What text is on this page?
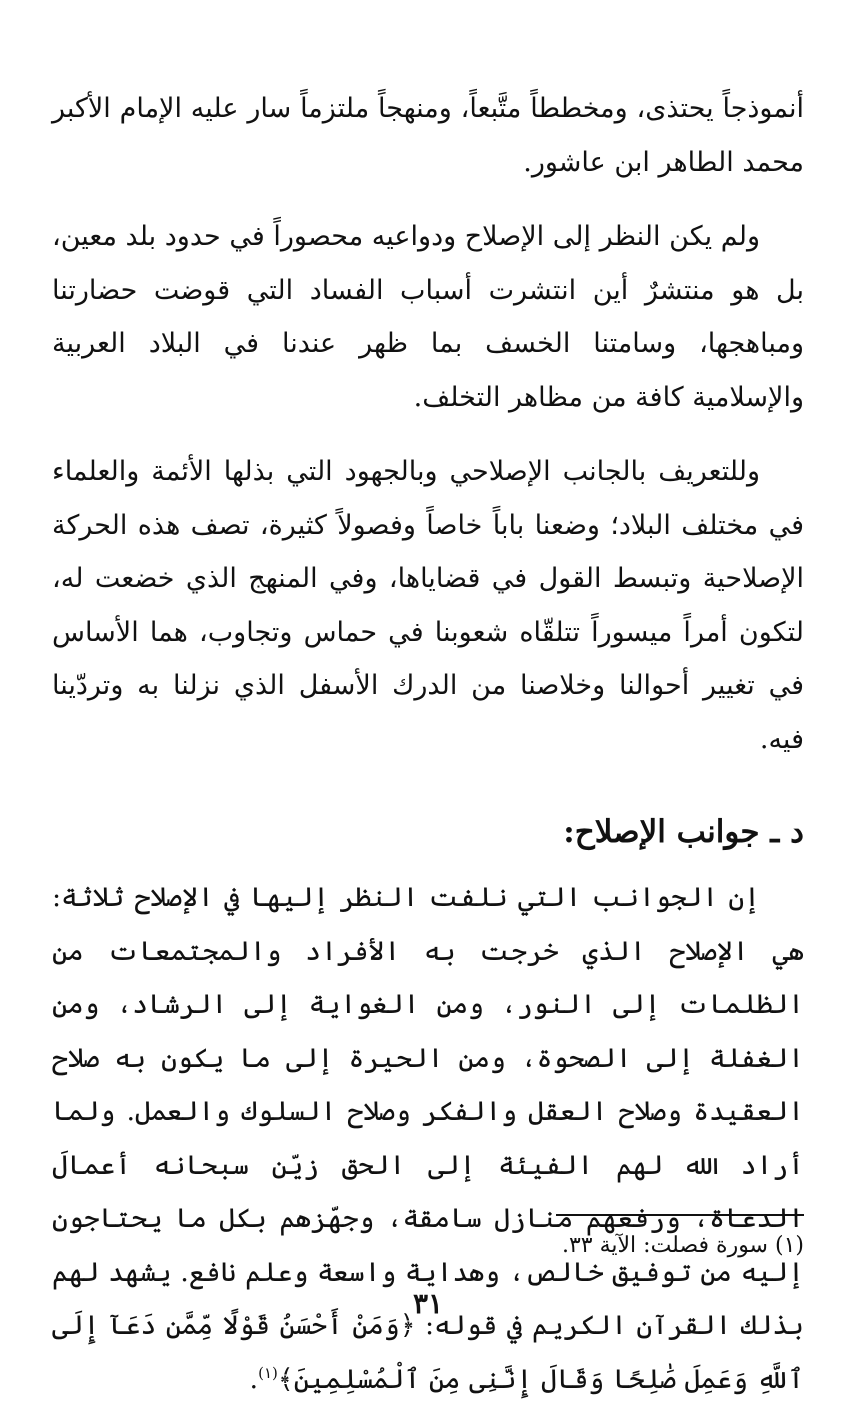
أنموذجاً يحتذى، ومخططاً متَّبعاً، ومنهجاً ملتزماً سار عليه الإمام الأكبر محمد الطاهر ابن عاشور.

ولم يكن النظر إلى الإصلاح ودواعيه محصوراً في حدود بلد معين، بل هو منتشرٌ أين انتشرت أسباب الفساد التي قوضت حضارتنا ومباهجها، وسامتنا الخسف بما ظهر عندنا في البلاد العربية والإسلامية كافة من مظاهر التخلف.

وللتعريف بالجانب الإصلاحي وبالجهود التي بذلها الأئمة والعلماء في مختلف البلاد؛ وضعنا باباً خاصاً وفصولاً كثيرة، تصف هذه الحركة الإصلاحية وتبسط القول في قضاياها، وفي المنهج الذي خضعت له، لتكون أمراً ميسوراً تتلقّاه شعوبنا في حماس وتجاوب، هما الأساس في تغيير أحوالنا وخلاصنا من الدرك الأسفل الذي نزلنا به وتردّينا فيه.

د ـ جوانب الإصلاح:

إن الجوانب التي نلفت النظر إليها في الإصلاح ثلاثة: هي الإصلاح الذي خرجت به الأفراد والمجتمعات من الظلمات إلى النور، ومن الغواية إلى الرشاد، ومن الغفلة إلى الصحوة، ومن الحيرة إلى ما يكون به صلاح العقيدة وصلاح العقل والفكر وصلاح السلوك والعمل. ولما أراد الله لهم الفيئة إلى الحق زيّن سبحانه أعمالَ الدعاة، ورفعهم منازل سامقة، وجهّزهم بكل ما يحتاجون إليه من توفيق خالص، وهداية واسعة وعلم نافع. يشهد لهم بذلك القرآن الكريم في قوله: ﴿وَمَنْ أَحْسَنُ قَوْلًا مِّمَّن دَعَآ إِلَى ٱللَّهِ وَعَمِلَ صَٰلِحًا وَقَالَ إِنَّنِى مِنَ ٱلْمُسْلِمِينَ﴾$^{(١)}$.

(١) سورة فصلت: الآية ٣٣.
٣١
